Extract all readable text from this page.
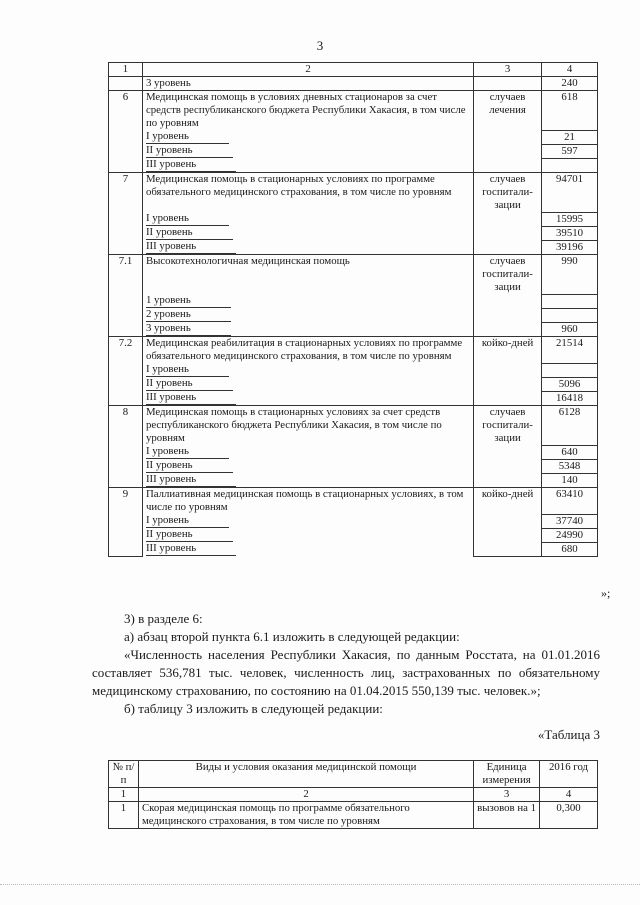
3
1	2	3	4
	3 уровень		240
6	Медицинская помощь в условиях дневных стационаров за счет средств республиканского бюджета Республики Хакасия, в том числе по уровням	случаев лечения	618
	I уровень		21
	II уровень		597
	III уровень		
7	Медицинская помощь в стационарных условиях по программе обязательного медицинского страхования, в том числе по уровням	случаев госпитали-зации	94701
	I уровень		15995
	II уровень		39510
	III уровень		39196
7.1	Высокотехнологичная медицинская помощь	случаев госпитали-зации	990
	1 уровень		
	2 уровень		
	3 уровень		960
7.2	Медицинская реабилитация в стационарных условиях по программе обязательного медицинского страхования, в том числе по уровням	койко-дней	21514
	I уровень		
	II уровень		5096
	III уровень		16418
8	Медицинская помощь в стационарных условиях за счет средств республиканского бюджета Республики Хакасия, в том числе по уровням	случаев госпитали-зации	6128
	I уровень		640
	II уровень		5348
	III уровень		140
9	Паллиативная медицинская помощь в стационарных условиях, в том числе по уровням	койко-дней	63410
	I уровень		37740
	II уровень		24990
	III уровень		680
»;
3) в разделе 6:
а) абзац второй пункта 6.1 изложить в следующей редакции:
«Численность населения Республики Хакасия, по данным Росстата, на 01.01.2016 составляет 536,781 тыс. человек, численность лиц, застрахованных по обязательному медицинскому страхованию, по состоянию на 01.04.2015 550,139 тыс. человек.»;
б) таблицу 3 изложить в следующей редакции:
«Таблица 3
№ п/п	Виды и условия оказания медицинской помощи	Единица измерения	2016 год
1	2	3	4
1	Скорая медицинская помощь по программе обязательного медицинского страхования, в том числе по уровням	вызовов на 1	0,300
